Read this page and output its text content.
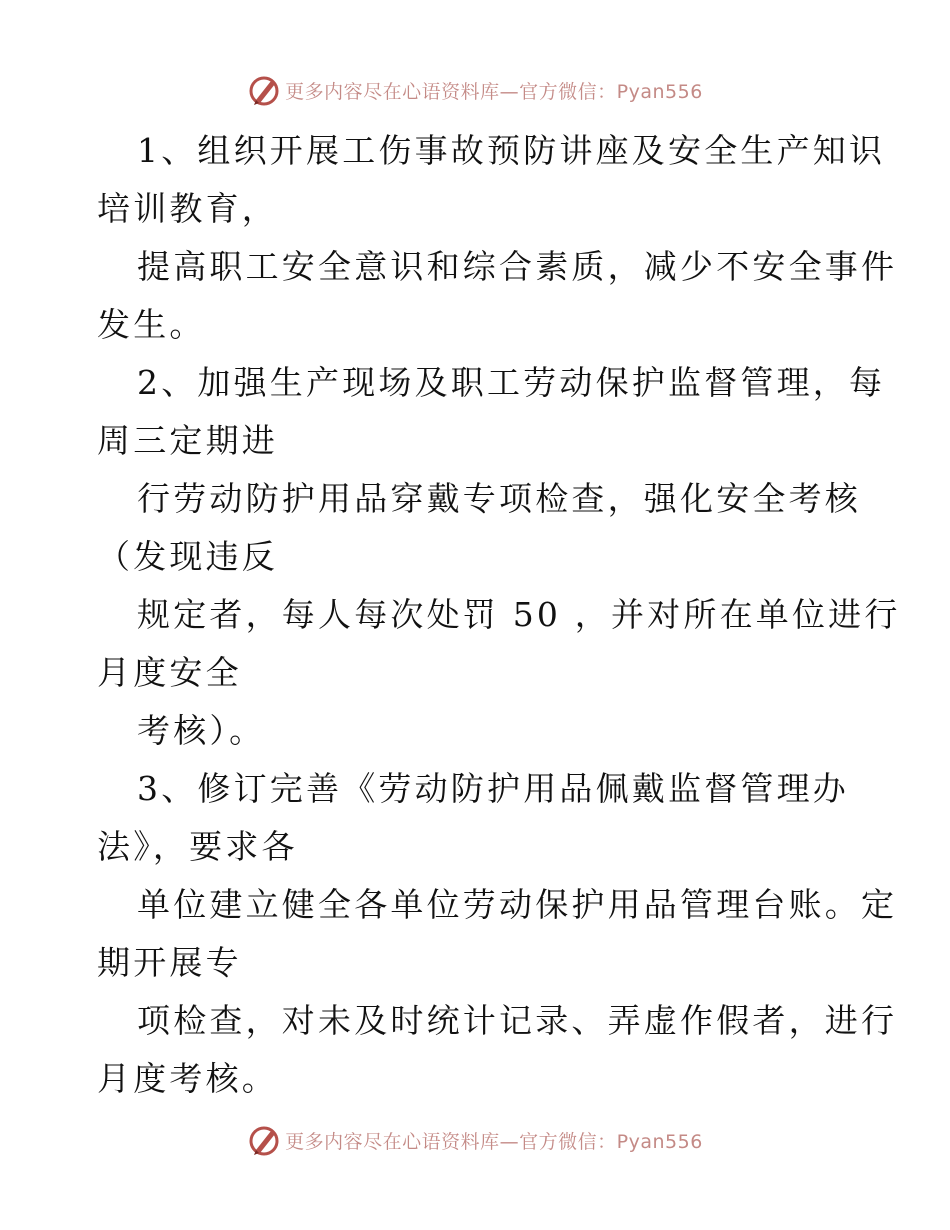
更多内容尽在心语资料库—官方微信：Pyan556
1、组织开展工伤事故预防讲座及安全生产知识
培训教育，
提高职工安全意识和综合素质，减少不安全事件
发生。
2、加强生产现场及职工劳动保护监督管理，每
周三定期进
行劳动防护用品穿戴专项检查，强化安全考核
（发现违反
规定者，每人每次处罚 50 ，并对所在单位进行
月度安全
考核）。
3、修订完善《劳动防护用品佩戴监督管理办
法》，要求各
单位建立健全各单位劳动保护用品管理台账。定
期开展专
项检查，对未及时统计记录、弄虚作假者，进行
月度考核。
更多内容尽在心语资料库—官方微信：Pyan556
